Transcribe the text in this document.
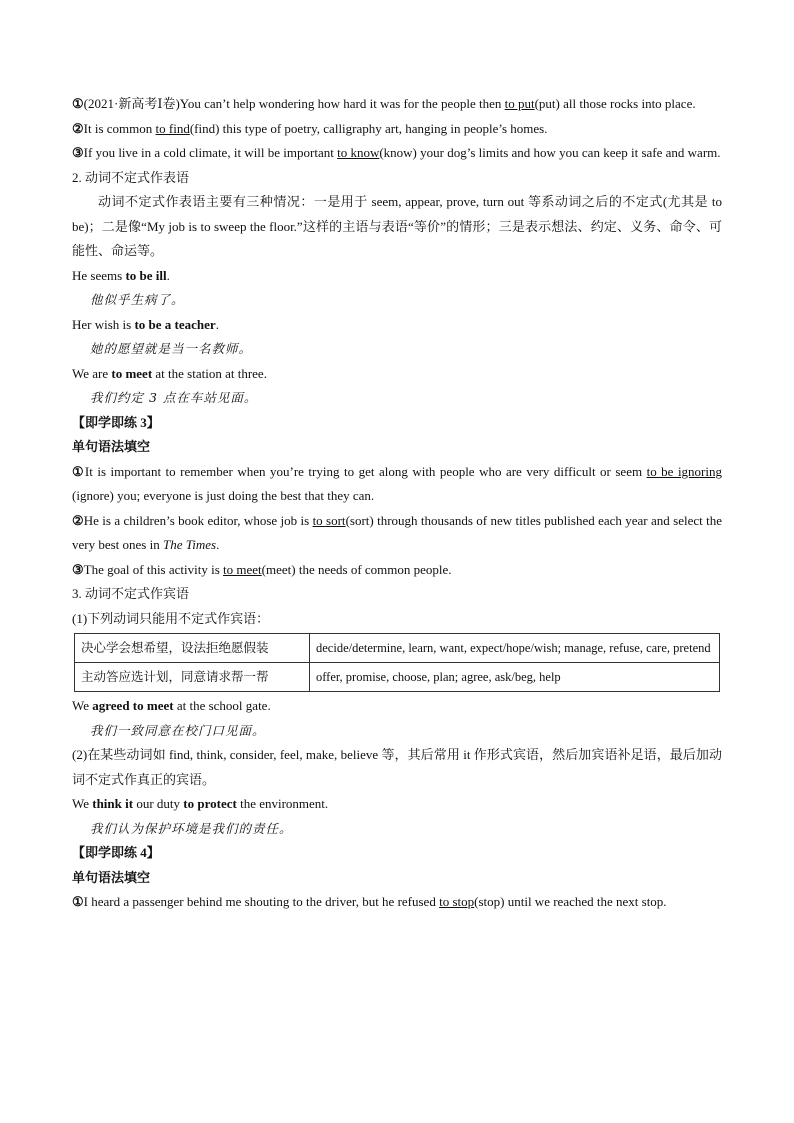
①(2021·新高考Ⅰ卷)You can’t help wondering how hard it was for the people then to put(put) all those rocks into place.

②It is common to find(find) this type of poetry, calligraphy art, hanging in people’s homes.

③If you live in a cold climate, it will be important to know(know) your dog’s limits and how you can keep it safe and warm.

2. 动词不定式作表语

动词不定式作表语主要有三种情况：一是用于 seem, appear, prove, turn out 等系动词之后的不定式(尤其是 to be)；二是像“My job is to sweep the floor.”这样的主语与表语“等价”的情形；三是表示想法、约定、义务、命令、可能性、命运等。

He seems to be ill.

他似乎生病了。

Her wish is to be a teacher.

她的愿望就是当一名教师。

We are to meet at the station at three.

我们约定 3 点在车站见面。

【即学即练 3】

单句语法填空

①It is important to remember when you’re trying to get along with people who are very difficult or seem to be ignoring (ignore) you; everyone is just doing the best that they can.

②He is a children’s book editor, whose job is to sort(sort) through thousands of new titles published each year and select the very best ones in The Times.

③The goal of this activity is to meet(meet) the needs of common people.

3. 动词不定式作宾语

(1)下列动词只能用不定式作宾语：

决心学会想希望，设法拒绝愿假装	decide/determine, learn, want, expect/hope/wish; manage, refuse, care, pretend
主动答应选计划，同意请求帮一帮	offer, promise, choose, plan; agree, ask/beg, help

We agreed to meet at the school gate.

我们一致同意在校门口见面。

(2)在某些动词如 find, think, consider, feel, make, believe 等，其后常用 it 作形式宾语，然后加宾语补足语，最后加动词不定式作真正的宾语。

We think it our duty to protect the environment.

我们认为保护环境是我们的责任。

【即学即练 4】

单句语法填空

①I heard a passenger behind me shouting to the driver, but he refused to stop(stop) until we reached the next stop.
